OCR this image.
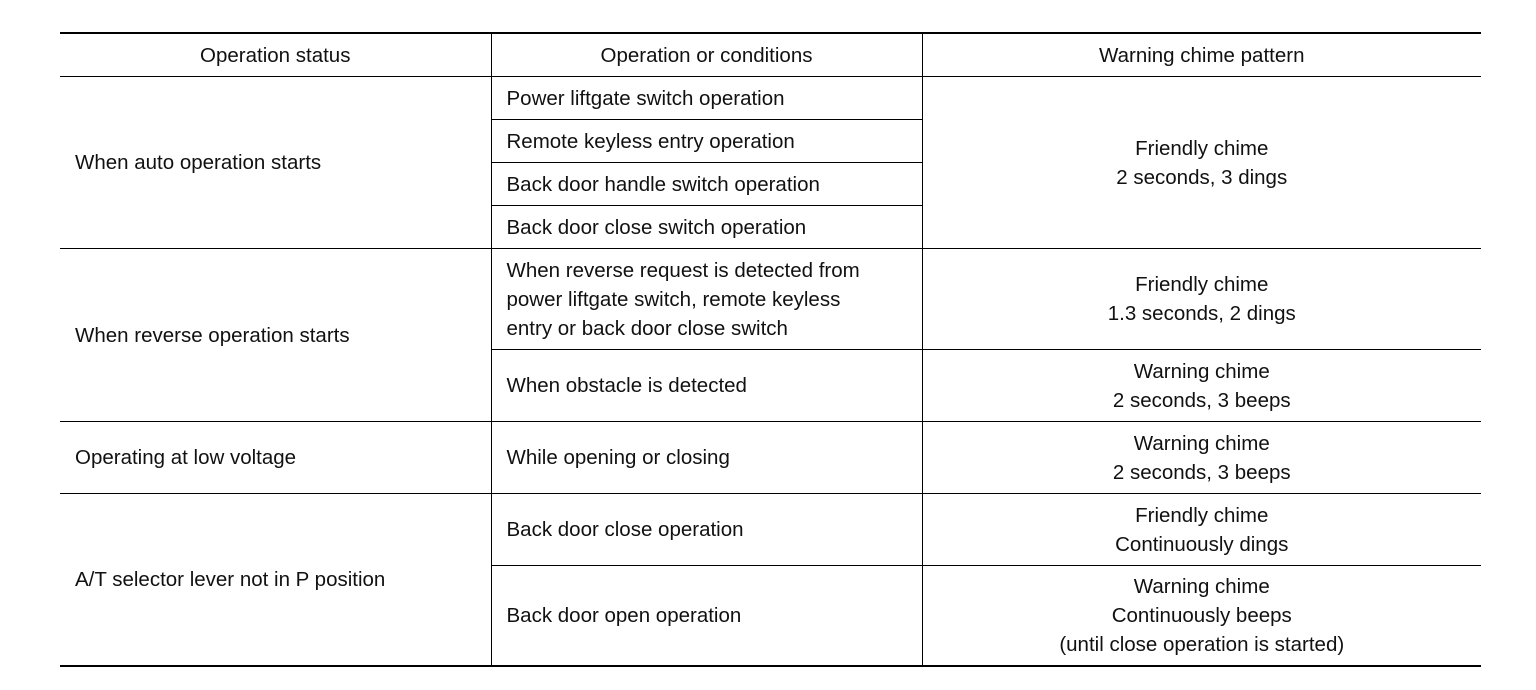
Operation status	Operation or conditions	Warning chime pattern
When auto operation starts	Power liftgate switch operation	Friendly chime
2 seconds, 3 dings

	Remote keyless entry operation	
	Back door handle switch operation	
	Back door close switch operation	
When reverse operation starts	When reverse request is detected from
power liftgate switch, remote keyless
entry or back door close switch	Friendly chime
1.3 seconds, 2 dings

	When obstacle is detected	Warning chime
2 seconds, 3 beeps

Operating at low voltage	While opening or closing	Warning chime
2 seconds, 3 beeps

A/T selector lever not in P position	Back door close operation	Friendly chime
Continuously dings

	Back door open operation	Warning chime
Continuously beeps
(until close operation is started)
